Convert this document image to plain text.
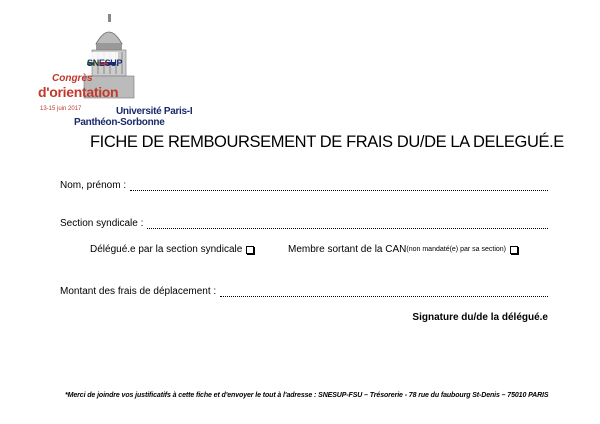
SNESUP
Congrès
d'orientation
13-15 juin 2017	Université Paris-I
Panthéon-Sorbonne
FICHE DE REMBOURSEMENT DE FRAIS DU/DE LA DELEGUÉ.E
Nom, prénom :
Section syndicale :
Délégué.e par la section syndicale	Membre sortant de la CAN (non mandaté(e) par sa section)
Montant des frais de déplacement :
Signature du/de la délégué.e
*Merci de joindre vos justificatifs à cette fiche et d'envoyer le tout à l'adresse : SNESUP-FSU – Trésorerie - 78 rue du faubourg St-Denis – 75010 PARIS
